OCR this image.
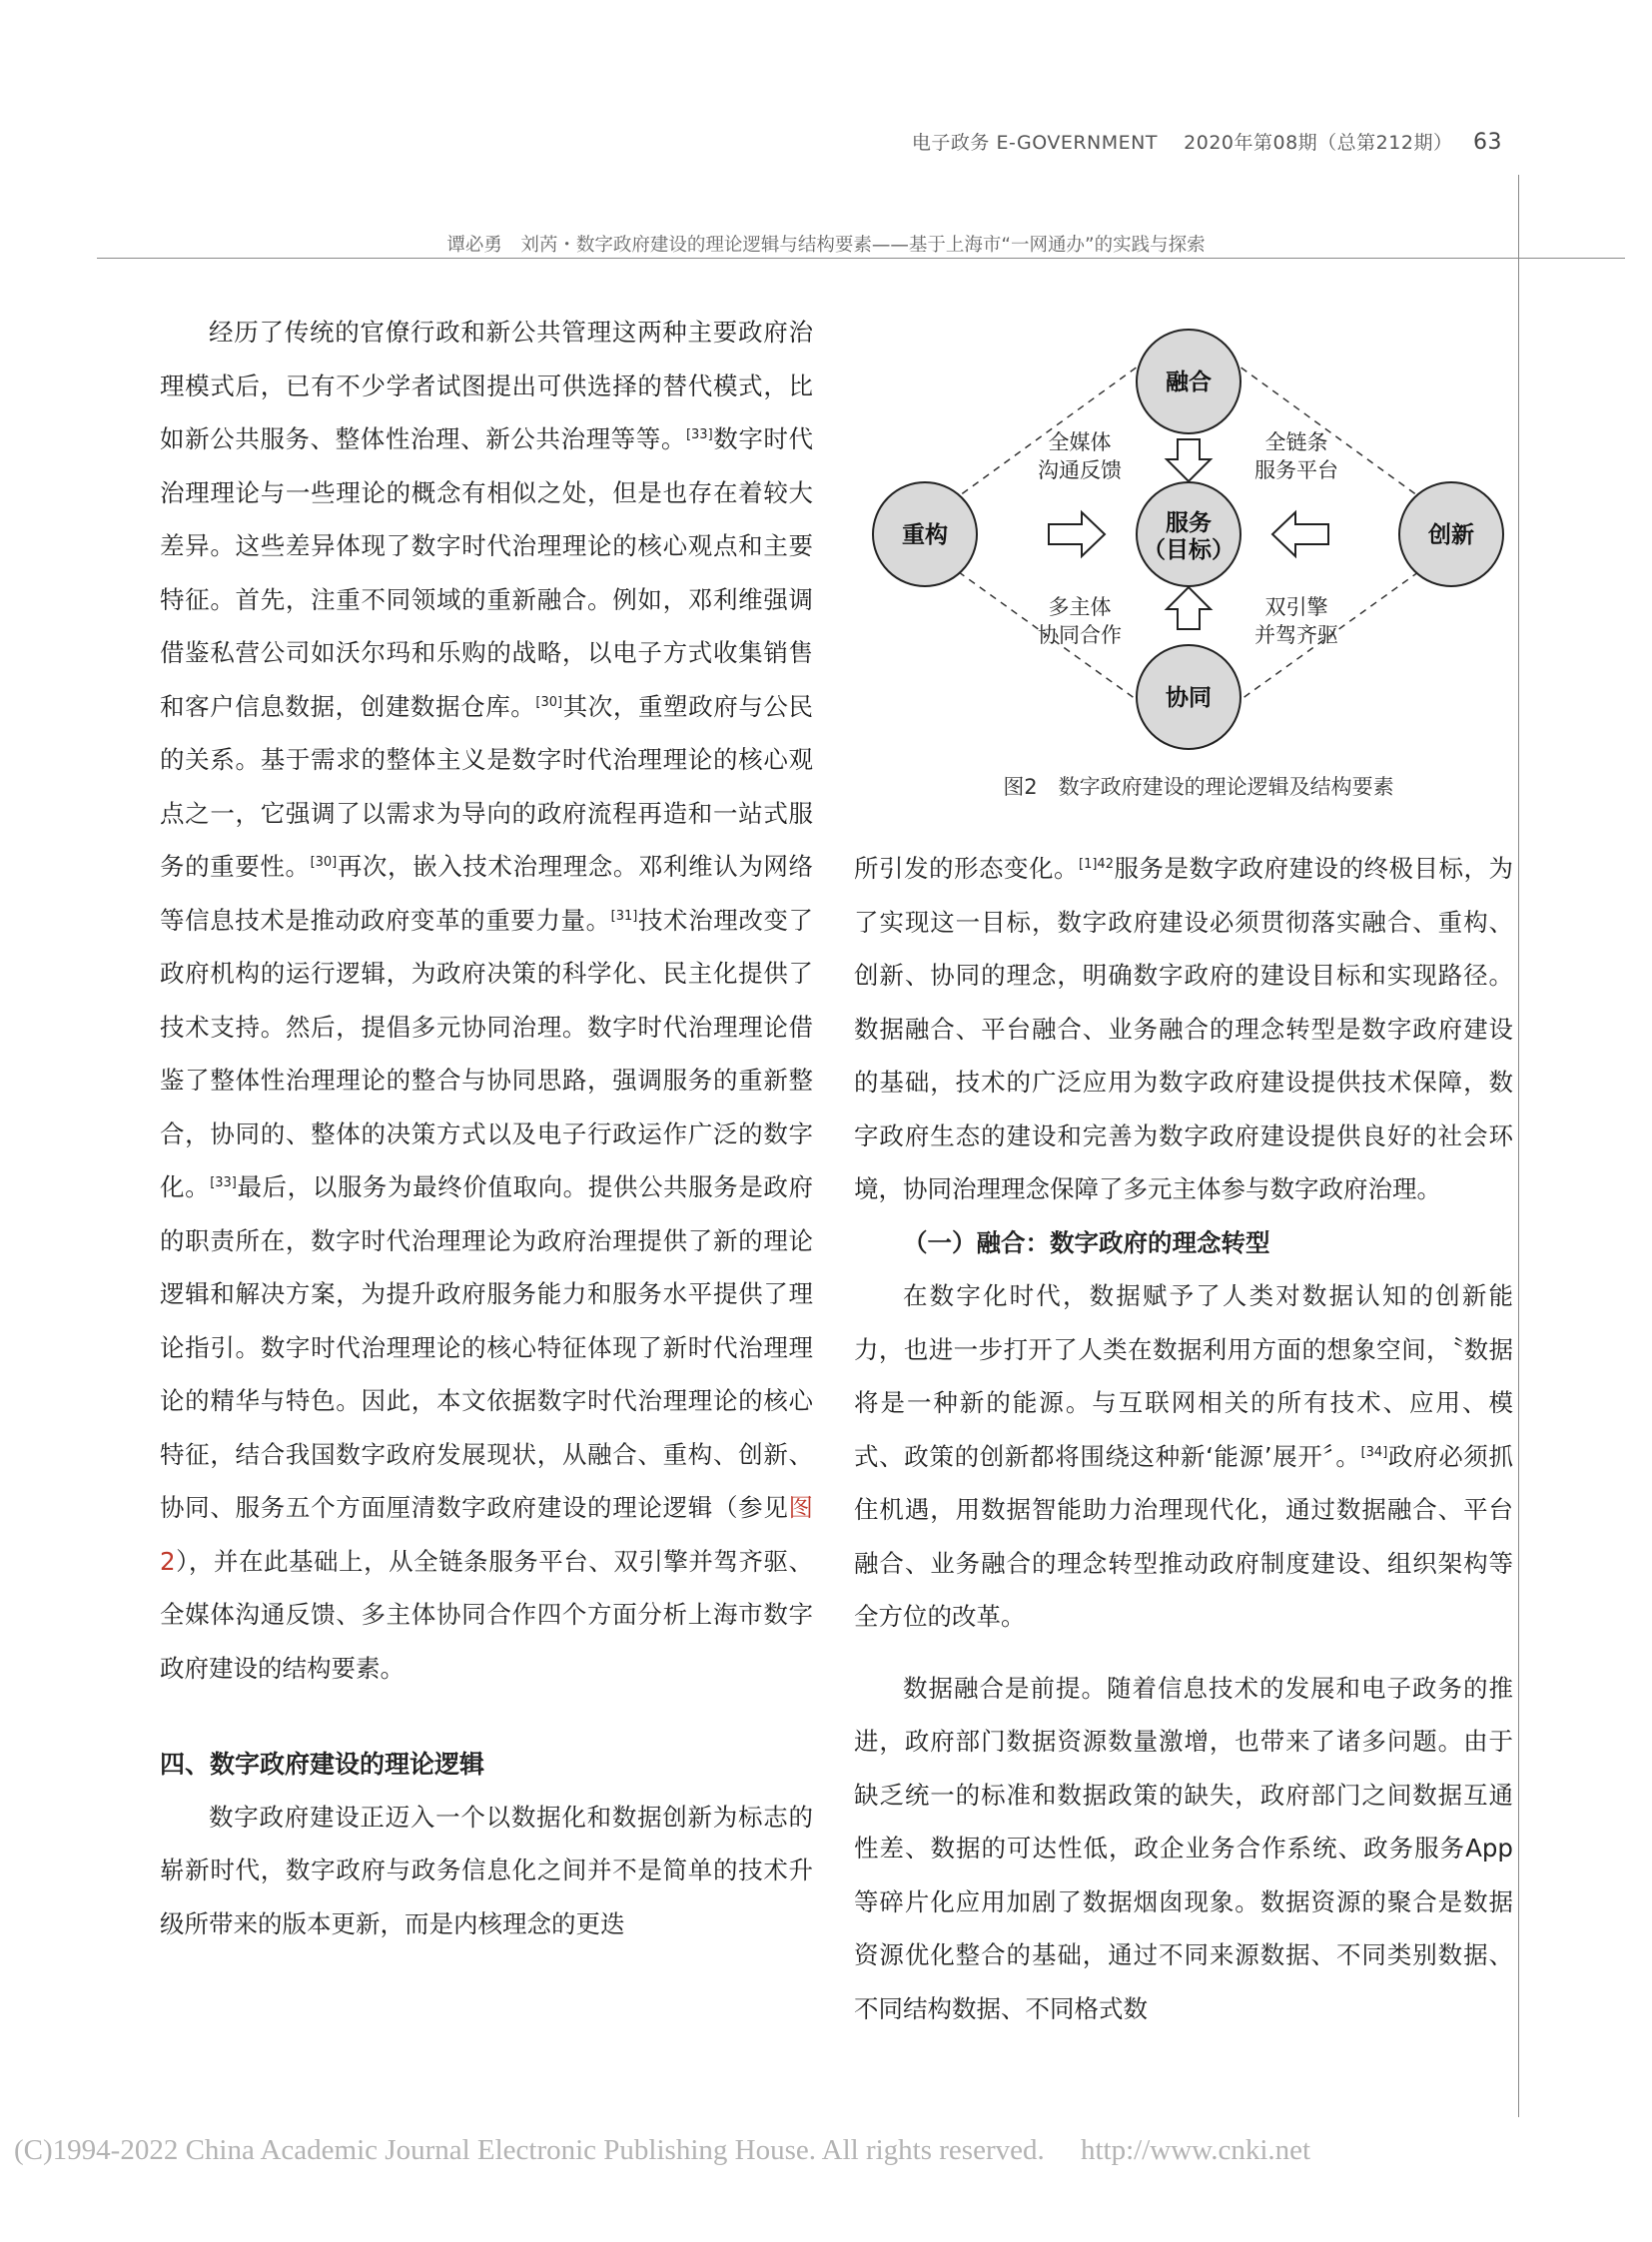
电子政务 E-GOVERNMENT 2020年第08期（总第212期） 63
谭必勇　刘芮・数字政府建设的理论逻辑与结构要素——基于上海市“一网通办”的实践与探索

经历了传统的官僚行政和新公共管理这两种主要政府治理模式后，已有不少学者试图提出可供选择的替代模式，比如新公共服务、整体性治理、新公共治理等等。[33]数字时代治理理论与一些理论的概念有相似之处，但是也存在着较大差异。这些差异体现了数字时代治理理论的核心观点和主要特征。首先，注重不同领域的重新融合。例如，邓利维强调借鉴私营公司如沃尔玛和乐购的战略，以电子方式收集销售和客户信息数据，创建数据仓库。[30]其次，重塑政府与公民的关系。基于需求的整体主义是数字时代治理理论的核心观点之一，它强调了以需求为导向的政府流程再造和一站式服务的重要性。[30]再次，嵌入技术治理理念。邓利维认为网络等信息技术是推动政府变革的重要力量。[31]技术治理改变了政府机构的运行逻辑，为政府决策的科学化、民主化提供了技术支持。然后，提倡多元协同治理。数字时代治理理论借鉴了整体性治理理论的整合与协同思路，强调服务的重新整合，协同的、整体的决策方式以及电子行政运作广泛的数字化。[33]最后，以服务为最终价值取向。提供公共服务是政府的职责所在，数字时代治理理论为政府治理提供了新的理论逻辑和解决方案，为提升政府服务能力和服务水平提供了理论指引。数字时代治理理论的核心特征体现了新时代治理理论的精华与特色。因此，本文依据数字时代治理理论的核心特征，结合我国数字政府发展现状，从融合、重构、创新、协同、服务五个方面厘清数字政府建设的理论逻辑（参见图2），并在此基础上，从全链条服务平台、双引擎并驾齐驱、全媒体沟通反馈、多主体协同合作四个方面分析上海市数字政府建设的结构要素。

四、数字政府建设的理论逻辑

数字政府建设正迈入一个以数据化和数据创新为标志的崭新时代，数字政府与政务信息化之间并不是简单的技术升级所带来的版本更新，而是内核理念的更迭

融合
重构	创新
协同
服务
（目标）
全媒体
沟通反馈
全链条
服务平台
多主体
协同合作
双引擎
并驾齐驱
图2　数字政府建设的理论逻辑及结构要素

所引发的形态变化。$^{[1]42}$服务是数字政府建设的终极目标，为了实现这一目标，数字政府建设必须贯彻落实融合、重构、创新、协同的理念，明确数字政府的建设目标和实现路径。数据融合、平台融合、业务融合的理念转型是数字政府建设的基础，技术的广泛应用为数字政府建设提供技术保障，数字政府生态的建设和完善为数字政府建设提供良好的社会环境，协同治理理念保障了多元主体参与数字政府治理。

（一）融合：数字政府的理念转型

在数字化时代，数据赋予了人类对数据认知的创新能力，也进一步打开了人类在数据利用方面的想象空间，〝数据将是一种新的能源。与互联网相关的所有技术、应用、模式、政策的创新都将围绕这种新‘能源’展开〞。[34]政府必须抓住机遇，用数据智能助力治理现代化，通过数据融合、平台融合、业务融合的理念转型推动政府制度建设、组织架构等全方位的改革。

数据融合是前提。随着信息技术的发展和电子政务的推进，政府部门数据资源数量激增，也带来了诸多问题。由于缺乏统一的标准和数据政策的缺失，政府部门之间数据互通性差、数据的可达性低，政企业务合作系统、政务服务App等碎片化应用加剧了数据烟囱现象。数据资源的聚合是数据资源优化整合的基础，通过不同来源数据、不同类别数据、不同结构数据、不同格式数

(C)1994-2022 China Academic Journal Electronic Publishing House. All rights reserved.　 http://www.cnki.net
